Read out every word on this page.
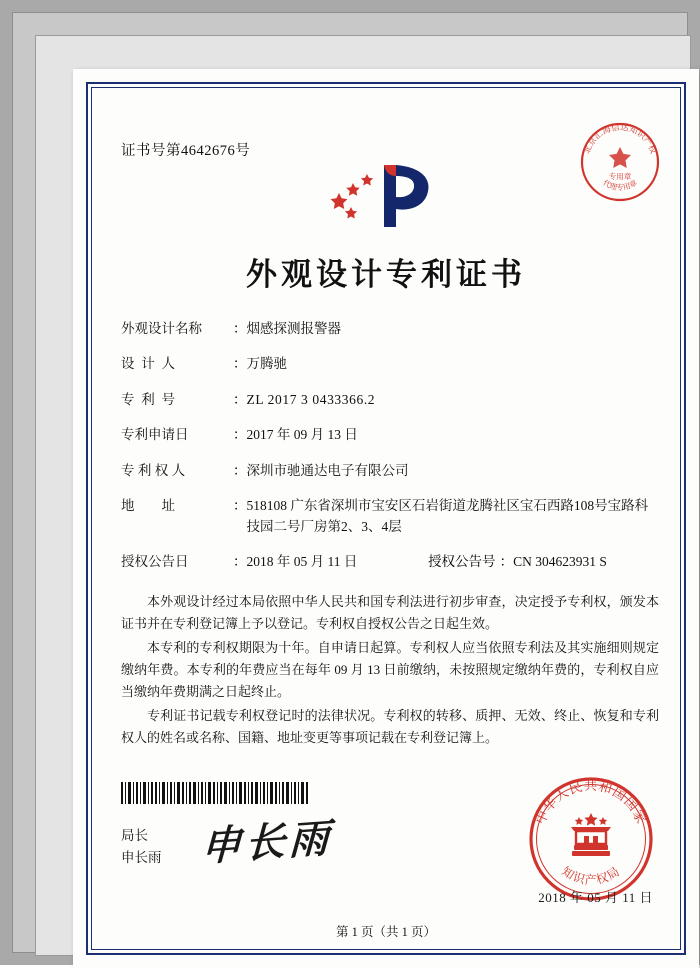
证书号第4642676号	北京汇海信达知识产权
代理专用章
专用章
外观设计专利证书
外观设计名称	： 烟感探测报警器
设  计  人	： 万腾驰
专  利  号	： ZL 2017 3 0433366.2
专利申请日	： 2017 年 09 月 13 日
专 利 权 人	： 深圳市驰通达电子有限公司
地        址	： 518108 广东省深圳市宝安区石岩街道龙腾社区宝石西路108号宝路科技园二号厂房第2、3、4层
授权公告日	： 2018 年 05 月 11 日	授权公告号 ： CN 304623931 S

本外观设计经过本局依照中华人民共和国专利法进行初步审查，决定授予专利权，颁发本证书并在专利登记簿上予以登记。专利权自授权公告之日起生效。

本专利的专利权期限为十年。自申请日起算。专利权人应当依照专利法及其实施细则规定缴纳年费。本专利的年费应当在每年 09 月 13 日前缴纳，未按照规定缴纳年费的，专利权自应当缴纳年费期满之日起终止。

专利证书记载专利权登记时的法律状况。专利权的转移、质押、无效、终止、恢复和专利权人的姓名或名称、国籍、地址变更等事项记载在专利登记簿上。

局长
申长雨 申长雨	中华人民共和国国家
知识产权局
2018 年 05 月 11 日
第 1 页（共 1 页）
